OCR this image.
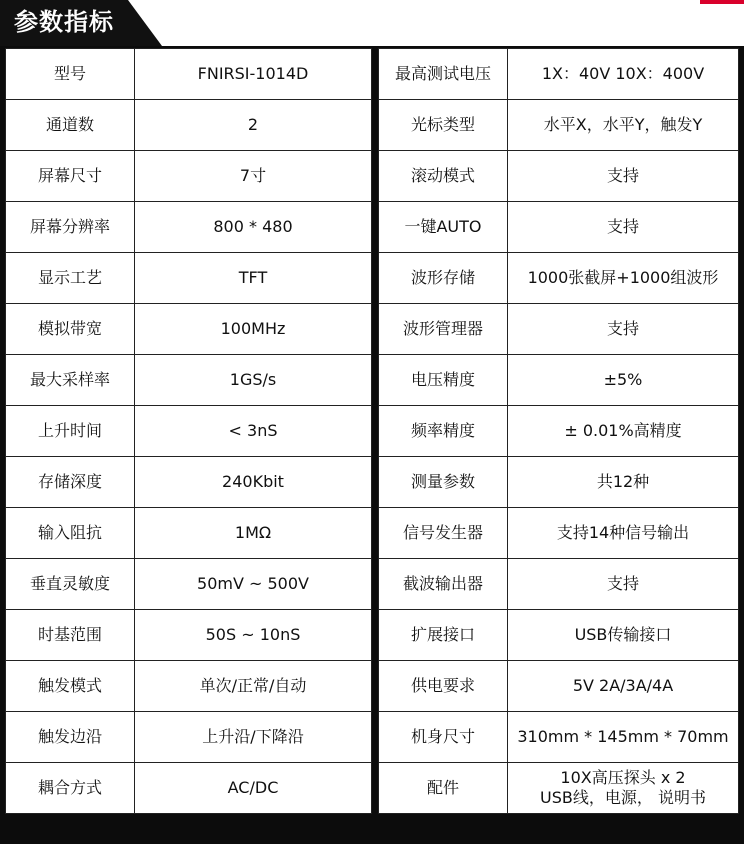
参数指标
型号	FNIRSI-1014D
通道数	2
屏幕尺寸	7寸
屏幕分辨率	800 * 480
显示工艺	TFT
模拟带宽	100MHz
最大采样率	1GS/s
上升时间	< 3nS
存储深度	240Kbit
输入阻抗	1MΩ
垂直灵敏度	50mV ~ 500V
时基范围	50S ~ 10nS
触发模式	单次/正常/自动
触发边沿	上升沿/下降沿
耦合方式	AC/DC
最高测试电压	1X：40V 10X：400V
光标类型	水平X，水平Y，触发Y
滚动模式	支持
一键AUTO	支持
波形存储	1000张截屏+1000组波形
波形管理器	支持
电压精度	±5%
频率精度	± 0.01%高精度
测量参数	共12种
信号发生器	支持14种信号输出
截波输出器	支持
扩展接口	USB传输接口
供电要求	5V 2A/3A/4A
机身尺寸	310mm * 145mm * 70mm
配件	10X高压探头 x 2
USB线，电源， 说明书
